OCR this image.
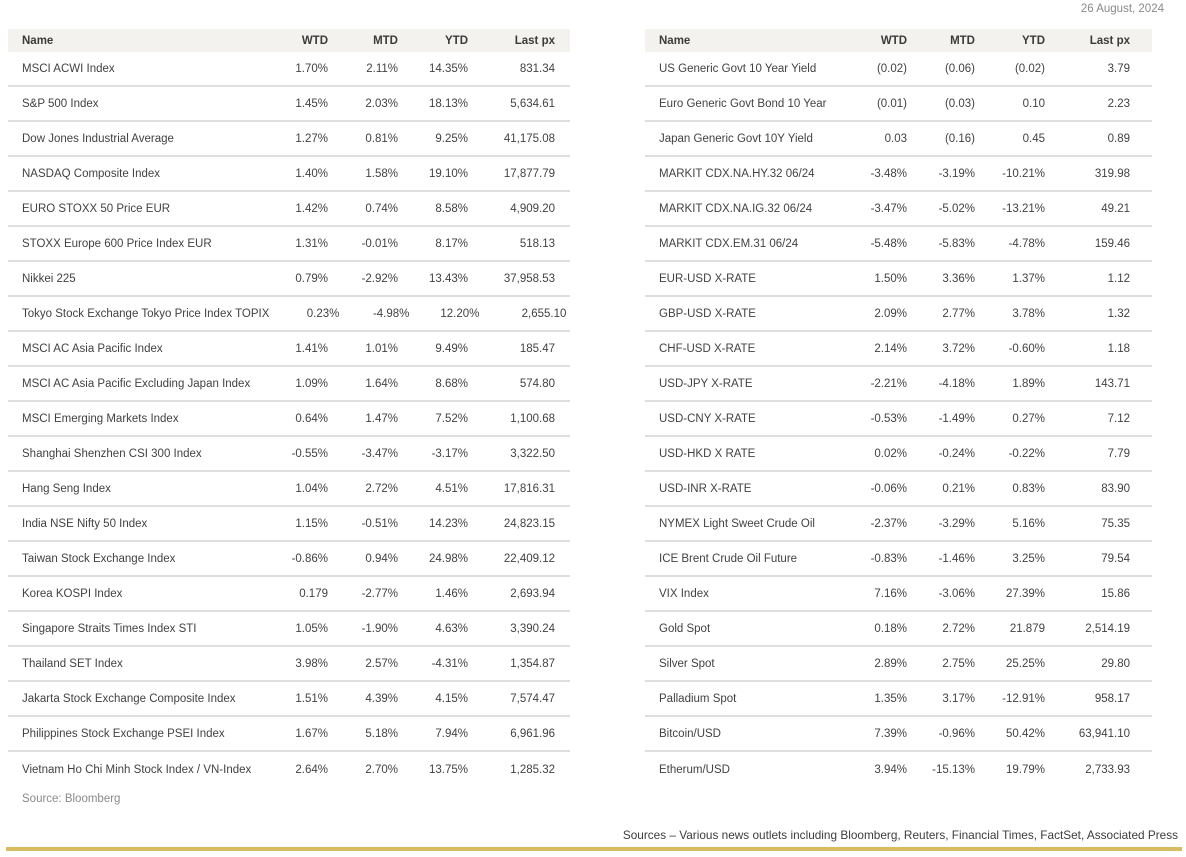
26 August, 2024
Name	WTD	MTD	YTD	Last px
MSCI ACWI Index	1.70%	2.11%	14.35%	831.34
S&P 500 Index	1.45%	2.03%	18.13%	5,634.61
Dow Jones Industrial Average	1.27%	0.81%	9.25%	41,175.08
NASDAQ Composite Index	1.40%	1.58%	19.10%	17,877.79
EURO STOXX 50 Price EUR	1.42%	0.74%	8.58%	4,909.20
STOXX Europe 600 Price Index EUR	1.31%	-0.01%	8.17%	518.13
Nikkei 225	0.79%	-2.92%	13.43%	37,958.53
Tokyo Stock Exchange Tokyo Price Index TOPIX	0.23%	-4.98%	12.20%	2,655.10
MSCI AC Asia Pacific Index	1.41%	1.01%	9.49%	185.47
MSCI AC Asia Pacific Excluding Japan Index	1.09%	1.64%	8.68%	574.80
MSCI Emerging Markets Index	0.64%	1.47%	7.52%	1,100.68
Shanghai Shenzhen CSI 300 Index	-0.55%	-3.47%	-3.17%	3,322.50
Hang Seng Index	1.04%	2.72%	4.51%	17,816.31
India NSE Nifty 50 Index	1.15%	-0.51%	14.23%	24,823.15
Taiwan Stock Exchange Index	-0.86%	0.94%	24.98%	22,409.12
Korea KOSPI Index	0.179	-2.77%	1.46%	2,693.94
Singapore Straits Times Index STI	1.05%	-1.90%	4.63%	3,390.24
Thailand SET Index	3.98%	2.57%	-4.31%	1,354.87
Jakarta Stock Exchange Composite Index	1.51%	4.39%	4.15%	7,574.47
Philippines Stock Exchange PSEI Index	1.67%	5.18%	7.94%	6,961.96
Vietnam Ho Chi Minh Stock Index / VN-Index	2.64%	2.70%	13.75%	1,285.32
Name	WTD	MTD	YTD	Last px
US Generic Govt 10 Year Yield	(0.02)	(0.06)	(0.02)	3.79
Euro Generic Govt Bond 10 Year	(0.01)	(0.03)	0.10	2.23
Japan Generic Govt 10Y Yield	0.03	(0.16)	0.45	0.89
MARKIT CDX.NA.HY.32 06/24	-3.48%	-3.19%	-10.21%	319.98
MARKIT CDX.NA.IG.32 06/24	-3.47%	-5.02%	-13.21%	49.21
MARKIT CDX.EM.31 06/24	-5.48%	-5.83%	-4.78%	159.46
EUR-USD X-RATE	1.50%	3.36%	1.37%	1.12
GBP-USD X-RATE	2.09%	2.77%	3.78%	1.32
CHF-USD X-RATE	2.14%	3.72%	-0.60%	1.18
USD-JPY X-RATE	-2.21%	-4.18%	1.89%	143.71
USD-CNY X-RATE	-0.53%	-1.49%	0.27%	7.12
USD-HKD X RATE	0.02%	-0.24%	-0.22%	7.79
USD-INR X-RATE	-0.06%	0.21%	0.83%	83.90
NYMEX Light Sweet Crude Oil	-2.37%	-3.29%	5.16%	75.35
ICE Brent Crude Oil Future	-0.83%	-1.46%	3.25%	79.54
VIX Index	7.16%	-3.06%	27.39%	15.86
Gold Spot	0.18%	2.72%	21.879	2,514.19
Silver Spot	2.89%	2.75%	25.25%	29.80
Palladium Spot	1.35%	3.17%	-12.91%	958.17
Bitcoin/USD	7.39%	-0.96%	50.42%	63,941.10
Etherum/USD	3.94%	-15.13%	19.79%	2,733.93
Source: Bloomberg
Sources – Various news outlets including Bloomberg, Reuters, Financial Times, FactSet, Associated Press
